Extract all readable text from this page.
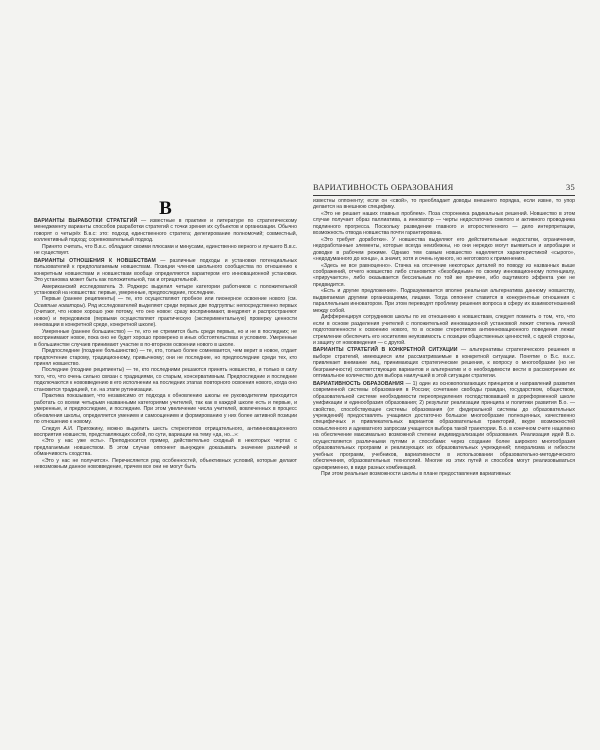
B

ВАРИАНТЫ ВЫРАБОТКИ СТРАТЕГИЙ — известные в практике и литературе по стратегическому менеджменту варианты способов разработки стратегий с точки зрения их субъектов и организации. Обычно говорят о четырёх В.в.с: это: подход единственного стратега; делегирование полномочий; совместный, коллективный подход; соревновательный подход.

Принято считать, что В.в.с. обладают своими плюсами и минусами, единственно верного и лучшего В.в.с. не существует.

ВАРИАНТЫ ОТНОШЕНИЯ К НОВШЕСТВАМ — различные подходы и установки потенциальных пользователей к предполагаемым новшествам. Позиции членов школьного сообщества по отношению к конкретным новшествам и новшествам вообще определяются характером его инновационной установки. Это установка может быть как положительной, так и отрицательной.

Американский исследователь Э. Роджерс выделил четыре категории работников с положительной установкой на новшества: первые, умеренные, предпоследние, последние.

Первые (раннее реципиенты) — те, кто осуществляют пробное или пионерное освоение нового (см. Осевтые новаторы). Ряд исследователей выделяют среди первых две подгруппы: непосредственно первых (считают, что новое хорошо уже потому, что оно новое: сразу воспринимают, внедряют и распространяют новое) и передовиков (первыми осуществляют практическую (экспериментальную) проверку ценности инновации в конкретной среде, конкретной школе).

Умеренные (раннее большинство) — те, кто не стремится быть среди первых, но и не в последних; не воспринимают новое, пока оно не будет хорошо проверено в иных обстоятельствах и условиях. Умеренные в большинстве случаев принимают участие в по-вторном освоении нового в школе.

Предпоследние (позднее большинство) — те, кто, только более сомневается, чем верит в новое, отдает предпочтение старому, традиционному, привычному; они не последние, но предпоследние среди тех, кто принял новшество.

Последние (поздние реципиенты) — те, кто последними решаются принять новшество, и только в силу того, что, что очень сильно связан с традициями, со старым, консервативным. Предпоследние и последние подключаются к нововведению в его исполнении на последних этапах повторного освоения нового, когда оно становится традицией, т.е. на этапе рутинизации.

Практика показывает, что независимо от подхода к обновлению школы ее руководителям приходится работать со всеми четырьмя названными категориями учителей, так как в каждой школе есть и первые, и умеренные, и предпоследние, и последние. При этом увеличение числа учителей, вовлеченных в процесс обновления школы, определяется умением и самоощением и формированию у них более активной позиции по отношению к новому.

Следуя А.И. Пригожину, можно выделить шесть стереотипов отрицательного, антиинновационного восприятия новшеств, представляющих собой, по сути, вариации на тему «да, но...»:

«Это у нас уже есть». Преподносится пример, действительно сходный в некоторых чертах с предлагаемым новшеством. В этом случае оппонент вынужден доказывать значение различий и обманчивость сходства.

«Это у нас не получится». Перечисляется ряд особенностей, объективных условий, которые делают невозможным данное нововведение, причем все они не могут быть

ВАРИАТИВНОСТЬ ОБРАЗОВАНИЯ	35

известны оппоненту; если он «свой», то преобладает доводы внешнего порядка, если извне, то упор делается на внешнюю специфику.

«Это не решает наших главных проблем». Поза сторонника радикальных решений. Новшество в этом случае получает образ паллиатива, а инноватор — черты недостаточно смелого и активного проводника подлинного прогресса. Поскольку разведение главного и второстепенного — дело интерпретации, возможность отвода новшества почти гарантирована.

«Это требует доработки». У новшества выделяют его действительные недостатки, ограничения, недоработанные элементы, которые всегда неизбежны, но они нередко могут выявиться и апробации и доводке в рабочем режиме. Однако тем самым новшество наделяется характеристикой «сырого», «недодуманного до конца», а значит, хотя и очень нужного, но неготового к применению.

«Здесь не все равноценно». Стачка на отсечение некоторых деталей по поводу из названных выше соображений, отчего новшество либо становится «безобидным» по своему инновационному потенциалу, «приручается», либо оказывается бессильным по той же причине, ибо ощутимого эффекта уже не предвидится.

«Есть и другие предложения». Подразумевается вполне реальная альтернатива данному новшеству, выдвигаемая другими организациями, лицами. Тогда оппонент ставится в конкурентные отношения с параллельным инноватором. При этом переводят проблему решения вопроса в сферу их взаимоотношений между собой.

Дифференцируя сотрудников школы по их отношению к новшествам, следует помнить о том, что, что если в основе разделения учителей с положительной инновационной установкой лежит степень личной подготовленности к освоению нового, то в основе стереотипов антиинновационного поведения лежат стремление обеспечить его носителям неуязвимость с позиции общественных ценностей, с одной стороны, и защиту от нововведения — с другой.

ВАРИАНТЫ СТРАТЕГИЙ В КОНКРЕТНОЙ СИТУАЦИИ — альтернативы стратегического решения в выборе стратегий, имеющиеся или рассматриваемые в конкретной ситуации. Понятие о В.с. в.к.с. привлекает внимание лиц, принимающих стратегические решения, к вопросу о многообразии (но не безграничности) соответствующих вариантов и альтернатив и о необходимости вести в рассмотрение их оптимальное количество для выбора наилучшей в этой ситуации стратегии.

ВАРИАТИВНОСТЬ ОБРАЗОВАНИЯ — 1) один из основополагающих принципов и направлений развития современной системы образования в России; сочетание свободы граждан, государством, обществом, образовательной системе необходимости переопределения господствовавшей в дореформенной школе унификации и единообразия образования; 2) результат реализации принципа и политики развития В.о. — свойство, способствующее системы образования (от федеральной системы до образовательных учреждений) предоставлять учащимся достаточно большое многообразие полноценных, качественно специфичных и привлекательных вариантов образовательных траекторий, вкуре возможностей осмысленного и адекватного запросам учащегося выбора такой траектории. В.о. в конечном счете нацелено на обеспечение максимально возможной степени индивидуализации образования. Реализация идей В.о. осуществляется различными путями и способами: через создание более широкого многообразия образовательных программ и реализующих их образовательных учреждений; плюрализма и гибкости учебных программ, учебников, вариативности в использовании образовательно-методического обеспечения, образовательных технологий. Многие из этих путей и способов могут реализовываться одновременно, в виде разных комбинаций.

При этом реальные возможности школы в плане предоставления вариативных
